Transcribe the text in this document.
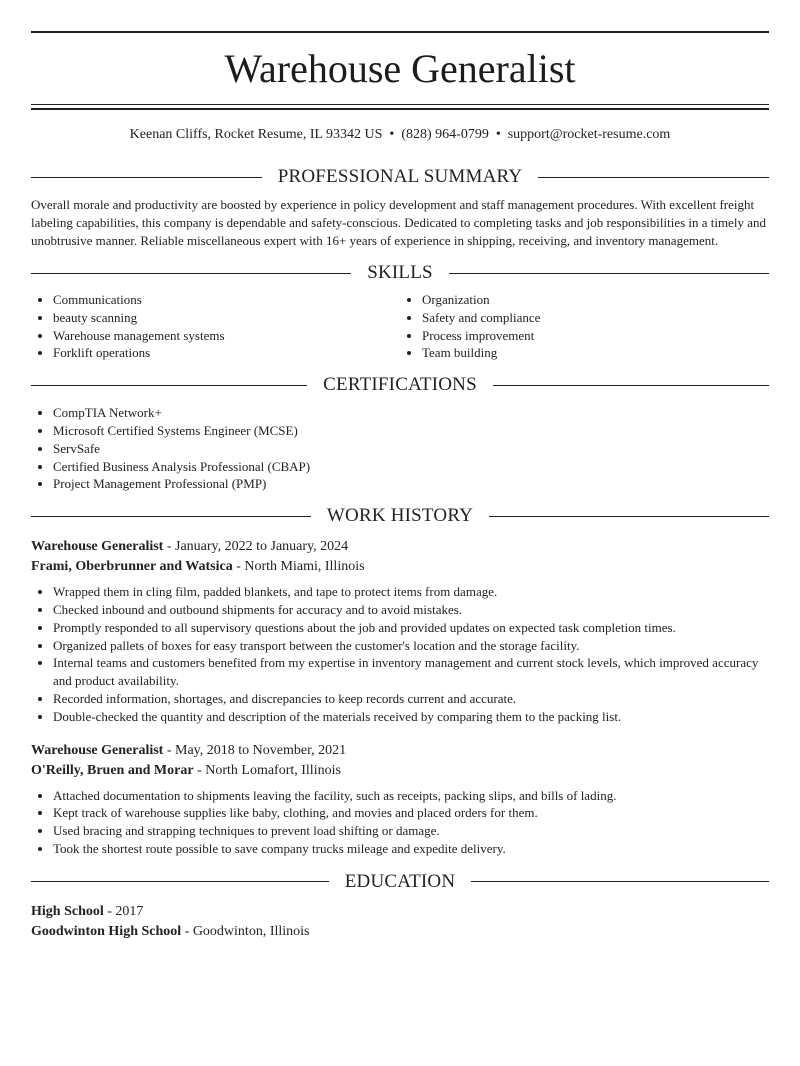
Warehouse Generalist
Keenan Cliffs, Rocket Resume, IL 93342 US • (828) 964-0799 • support@rocket-resume.com
PROFESSIONAL SUMMARY
Overall morale and productivity are boosted by experience in policy development and staff management procedures. With excellent freight labeling capabilities, this company is dependable and safety-conscious. Dedicated to completing tasks and job responsibilities in a timely and unobtrusive manner. Reliable miscellaneous expert with 16+ years of experience in shipping, receiving, and inventory management.
SKILLS
• Communications
• beauty scanning
• Warehouse management systems
• Forklift operations
• Organization
• Safety and compliance
• Process improvement
• Team building
CERTIFICATIONS
• CompTIA Network+
• Microsoft Certified Systems Engineer (MCSE)
• ServSafe
• Certified Business Analysis Professional (CBAP)
• Project Management Professional (PMP)
WORK HISTORY
Warehouse Generalist - January, 2022 to January, 2024
Frami, Oberbrunner and Watsica - North Miami, Illinois
• Wrapped them in cling film, padded blankets, and tape to protect items from damage.
• Checked inbound and outbound shipments for accuracy and to avoid mistakes.
• Promptly responded to all supervisory questions about the job and provided updates on expected task completion times.
• Organized pallets of boxes for easy transport between the customer's location and the storage facility.
• Internal teams and customers benefited from my expertise in inventory management and current stock levels, which improved accuracy and product availability.
• Recorded information, shortages, and discrepancies to keep records current and accurate.
• Double-checked the quantity and description of the materials received by comparing them to the packing list.
Warehouse Generalist - May, 2018 to November, 2021
O'Reilly, Bruen and Morar - North Lomafort, Illinois
• Attached documentation to shipments leaving the facility, such as receipts, packing slips, and bills of lading.
• Kept track of warehouse supplies like baby, clothing, and movies and placed orders for them.
• Used bracing and strapping techniques to prevent load shifting or damage.
• Took the shortest route possible to save company trucks mileage and expedite delivery.
EDUCATION
High School - 2017
Goodwinton High School - Goodwinton, Illinois
